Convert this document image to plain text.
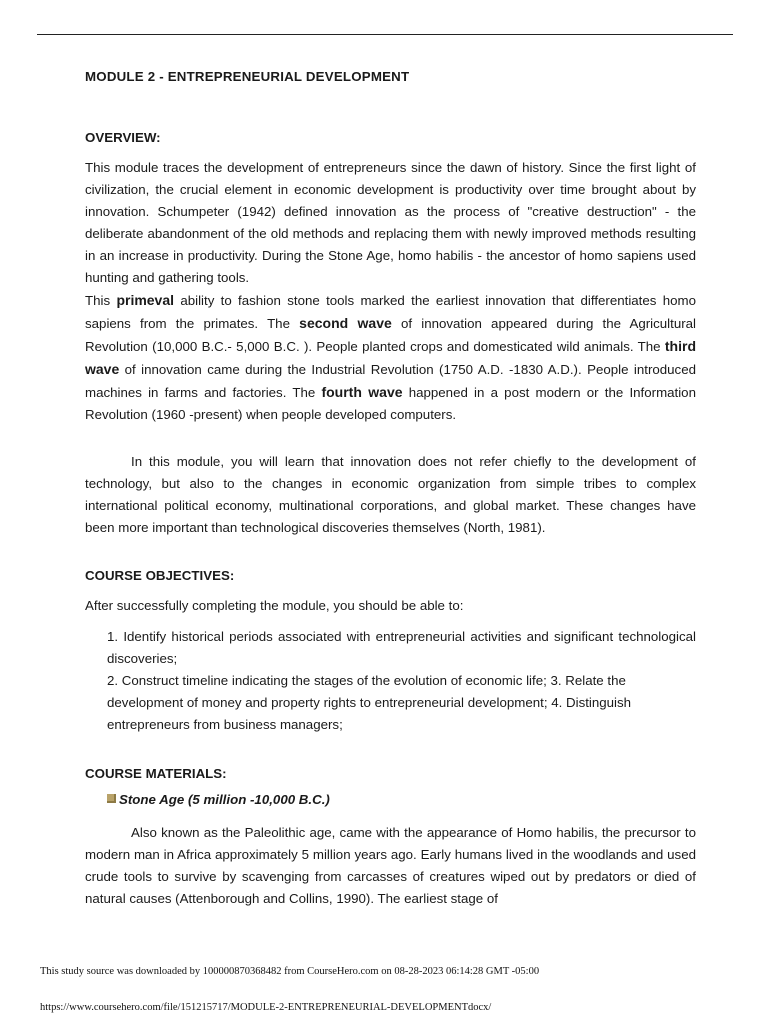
MODULE 2 - ENTREPRENEURIAL DEVELOPMENT

OVERVIEW:

This module traces the development of entrepreneurs since the dawn of history. Since the first light of civilization, the crucial element in economic development is productivity over time brought about by innovation. Schumpeter (1942) defined innovation as the process of "creative destruction" - the deliberate abandonment of the old methods and replacing them with newly improved methods resulting in an increase in productivity. During the Stone Age, homo habilis - the ancestor of homo sapiens used hunting and gathering tools.

This primeval ability to fashion stone tools marked the earliest innovation that differentiates homo sapiens from the primates. The second wave of innovation appeared during the Agricultural Revolution (10,000 B.C.- 5,000 B.C. ). People planted crops and domesticated wild animals. The third wave of innovation came during the Industrial Revolution (1750 A.D. -1830 A.D.). People introduced machines in farms and factories. The fourth wave happened in a post modern or the Information Revolution (1960 -present) when people developed computers.

In this module, you will learn that innovation does not refer chiefly to the development of technology, but also to the changes in economic organization from simple tribes to complex international political economy, multinational corporations, and global market. These changes have been more important than technological discoveries themselves (North, 1981).

COURSE OBJECTIVES:

After successfully completing the module, you should be able to:

1. Identify historical periods associated with entrepreneurial activities and significant technological discoveries;

2. Construct timeline indicating the stages of the evolution of economic life; 3. Relate the development of money and property rights to entrepreneurial development; 4. Distinguish entrepreneurs from business managers;

COURSE MATERIALS:

Stone Age (5 million -10,000 B.C.)

Also known as the Paleolithic age, came with the appearance of Homo habilis, the precursor to modern man in Africa approximately 5 million years ago. Early humans lived in the woodlands and used crude tools to survive by scavenging from carcasses of creatures wiped out by predators or died of natural causes (Attenborough and Collins, 1990). The earliest stage of

This study source was downloaded by 100000870368482 from CourseHero.com on 08-28-2023 06:14:28 GMT -05:00
https://www.coursehero.com/file/151215717/MODULE-2-ENTREPRENEURIAL-DEVELOPMENTdocx/
